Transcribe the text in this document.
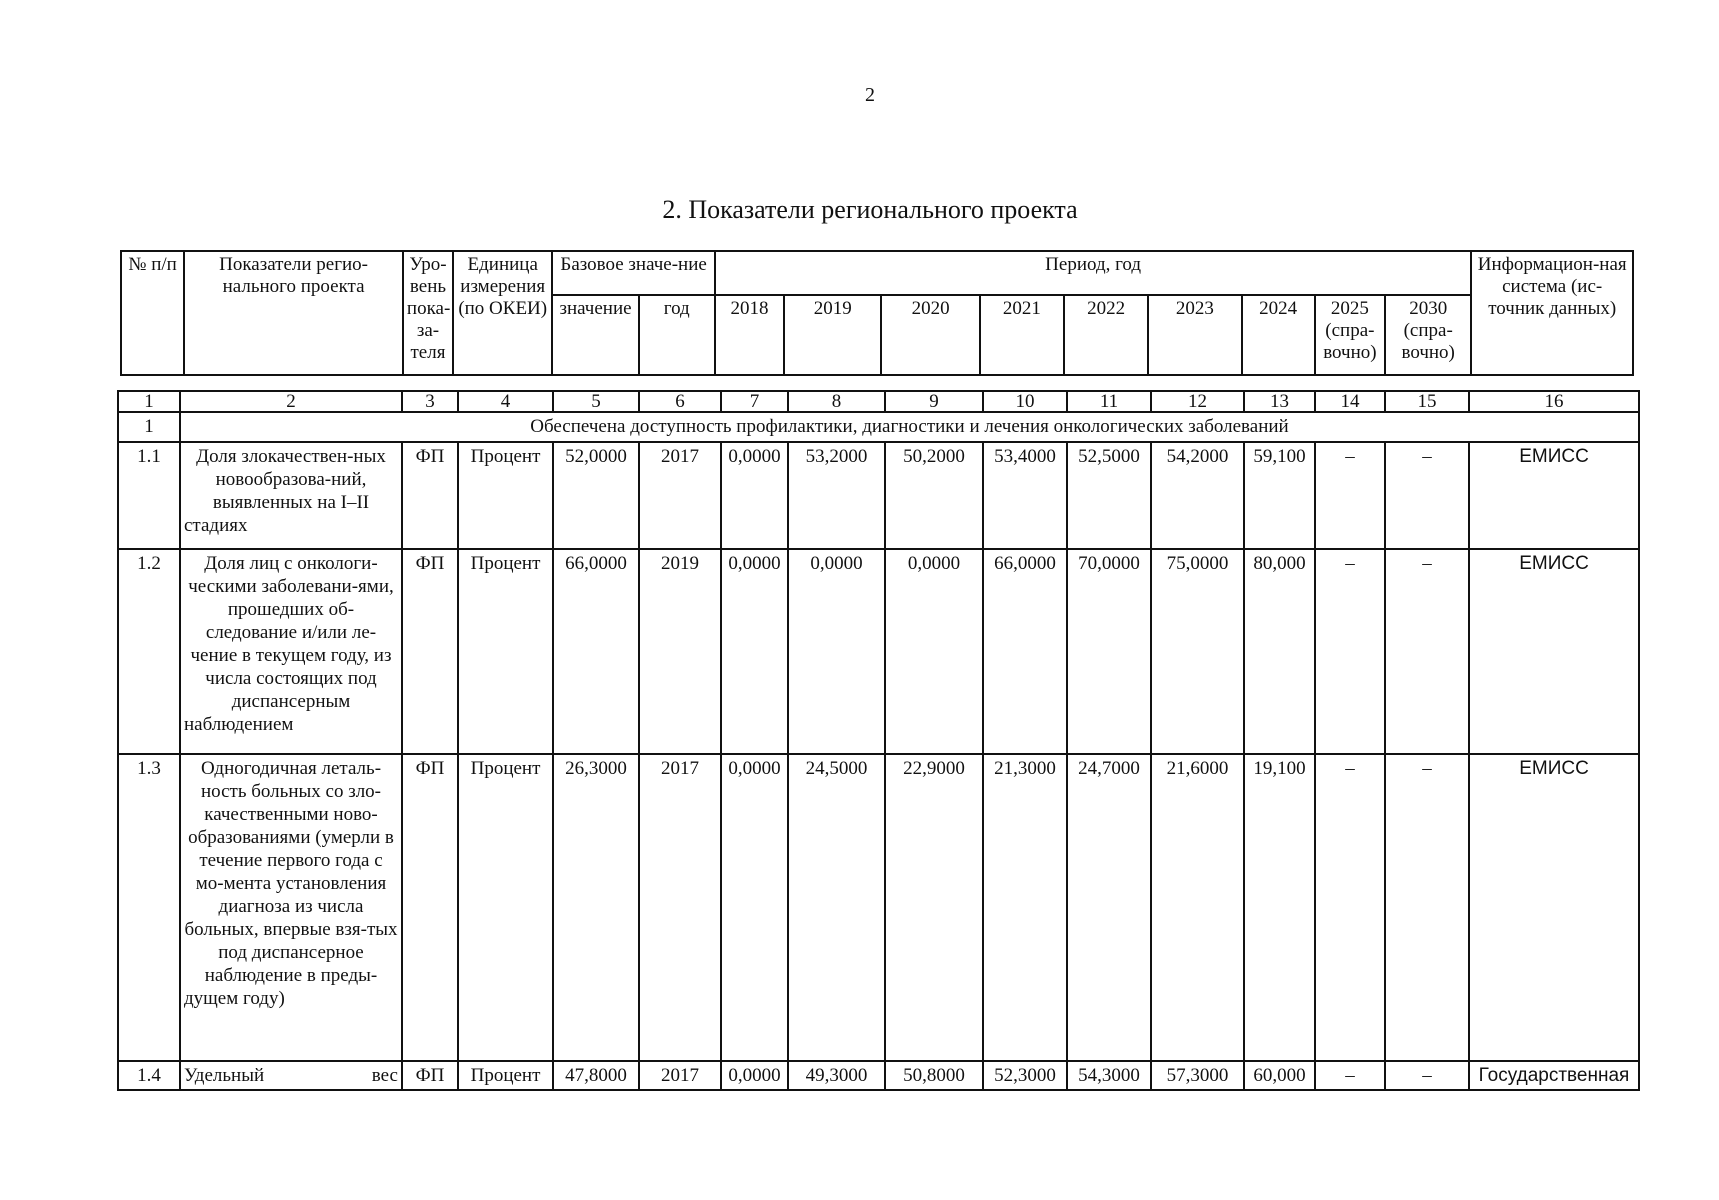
2
2. Показатели регионального проекта
№ п/п	Показатели регио-нального проекта	Уро-вень пока-за-теля	Единица измерения (по ОКЕИ)	Базовое значе-ние		Период, год									Информацион-ная система (ис-точник данных)
				значение	год	2018	2019	2020	2021	2022	2023	2024	2025 (спра-вочно)	2030 (спра-вочно)	
1	2	3	4	5	6	7	8	9	10	11	12	13	14	15	16
1	Обеспечена доступность профилактики, диагностики и лечения онкологических заболеваний														
1.1	Доля злокачествен-ных новообразова-ний, выявленных на I–II стадиях	ФП	Процент	52,0000	2017	0,0000	53,2000	50,2000	53,4000	52,5000	54,2000	59,100	–	–	ЕМИСС
1.2	Доля лиц с онкологи-ческими заболевани-ями, прошедших об-следование и/или ле-чение в текущем году, из числа состоящих под диспансерным наблюдением	ФП	Процент	66,0000	2019	0,0000	0,0000	0,0000	66,0000	70,0000	75,0000	80,000	–	–	ЕМИСС
1.3	Одногодичная леталь-ность больных со зло-качественными ново-образованиями (умерли в течение первого года с мо-мента установления диагноза из числа больных, впервые взя-тых под диспансерное наблюдение в преды-дущем году)	ФП	Процент	26,3000	2017	0,0000	24,5000	22,9000	21,3000	24,7000	21,6000	19,100	–	–	ЕМИСС
1.4	Удельный вес	ФП	Процент	47,8000	2017	0,0000	49,3000	50,8000	52,3000	54,3000	57,3000	60,000	–	–	Государственная
